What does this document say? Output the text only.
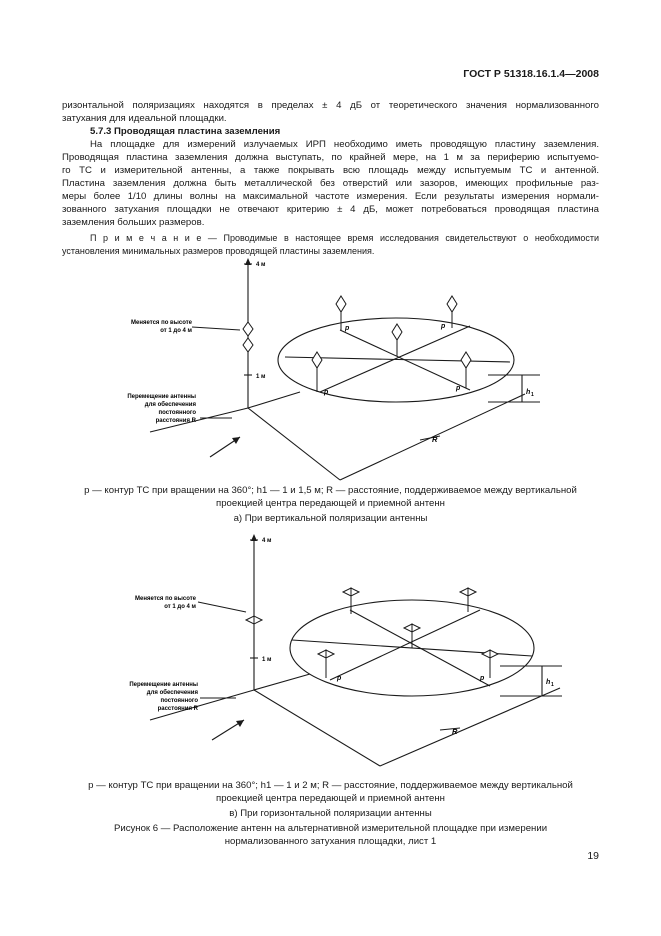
ГОСТ Р 51318.16.1.4—2008
ризонтальной поляризациях находятся в пределах ± 4 дБ от теоретического значения нормализованного
затухания для идеальной площадки.
5.7.3 Проводящая пластина заземления
На площадке для измерений излучаемых ИРП необходимо иметь проводящую пластину заземления.
Проводящая пластина заземления должна выступать, по крайней мере, на 1 м за периферию испытуемо-
го ТС и измерительной антенны, а также покрывать всю площадь между испытуемым ТС и антенной.
Пластина заземления должна быть металлической без отверстий или зазоров, имеющих профильные раз-
меры более 1/10 длины волны на максимальной частоте измерения. Если результаты измерения нормали-
зованного затухания площадки не отвечают критерию ± 4 дБ, может потребоваться проводящая пластина
заземления больших размеров.
П р и м е ч а н и е — Проводимые в настоящее время исследования свидетельствуют о необходимости
установления минимальных размеров проводящей пластины заземления.
4 м
1 м
Меняется по высоте
от 1 до 4 м
Перемещение антенны
для обеспечения
постоянного
расстояния R
p	p
p
p
h 1
R
p — контур ТС при вращении на 360°; h1 — 1 и 1,5 м; R — расстояние, поддерживаемое между вертикальной
проекцией центра передающей и приемной антенн
а) При вертикальной поляризации антенны
4 м
1 м
Меняется по высоте
от 1 до 4 м
Перемещение антенны
для обеспечения
постоянного
расстояния R
p	p
h 1
R
p — контур ТС при вращении на 360°; h1 — 1 и 2 м; R — расстояние, поддерживаемое между вертикальной
проекцией центра передающей и приемной антенн
в) При горизонтальной поляризации антенны
Рисунок 6 — Расположение антенн на альтернативной измерительной площадке при измерении
нормализованного затухания площадки, лист 1
19
